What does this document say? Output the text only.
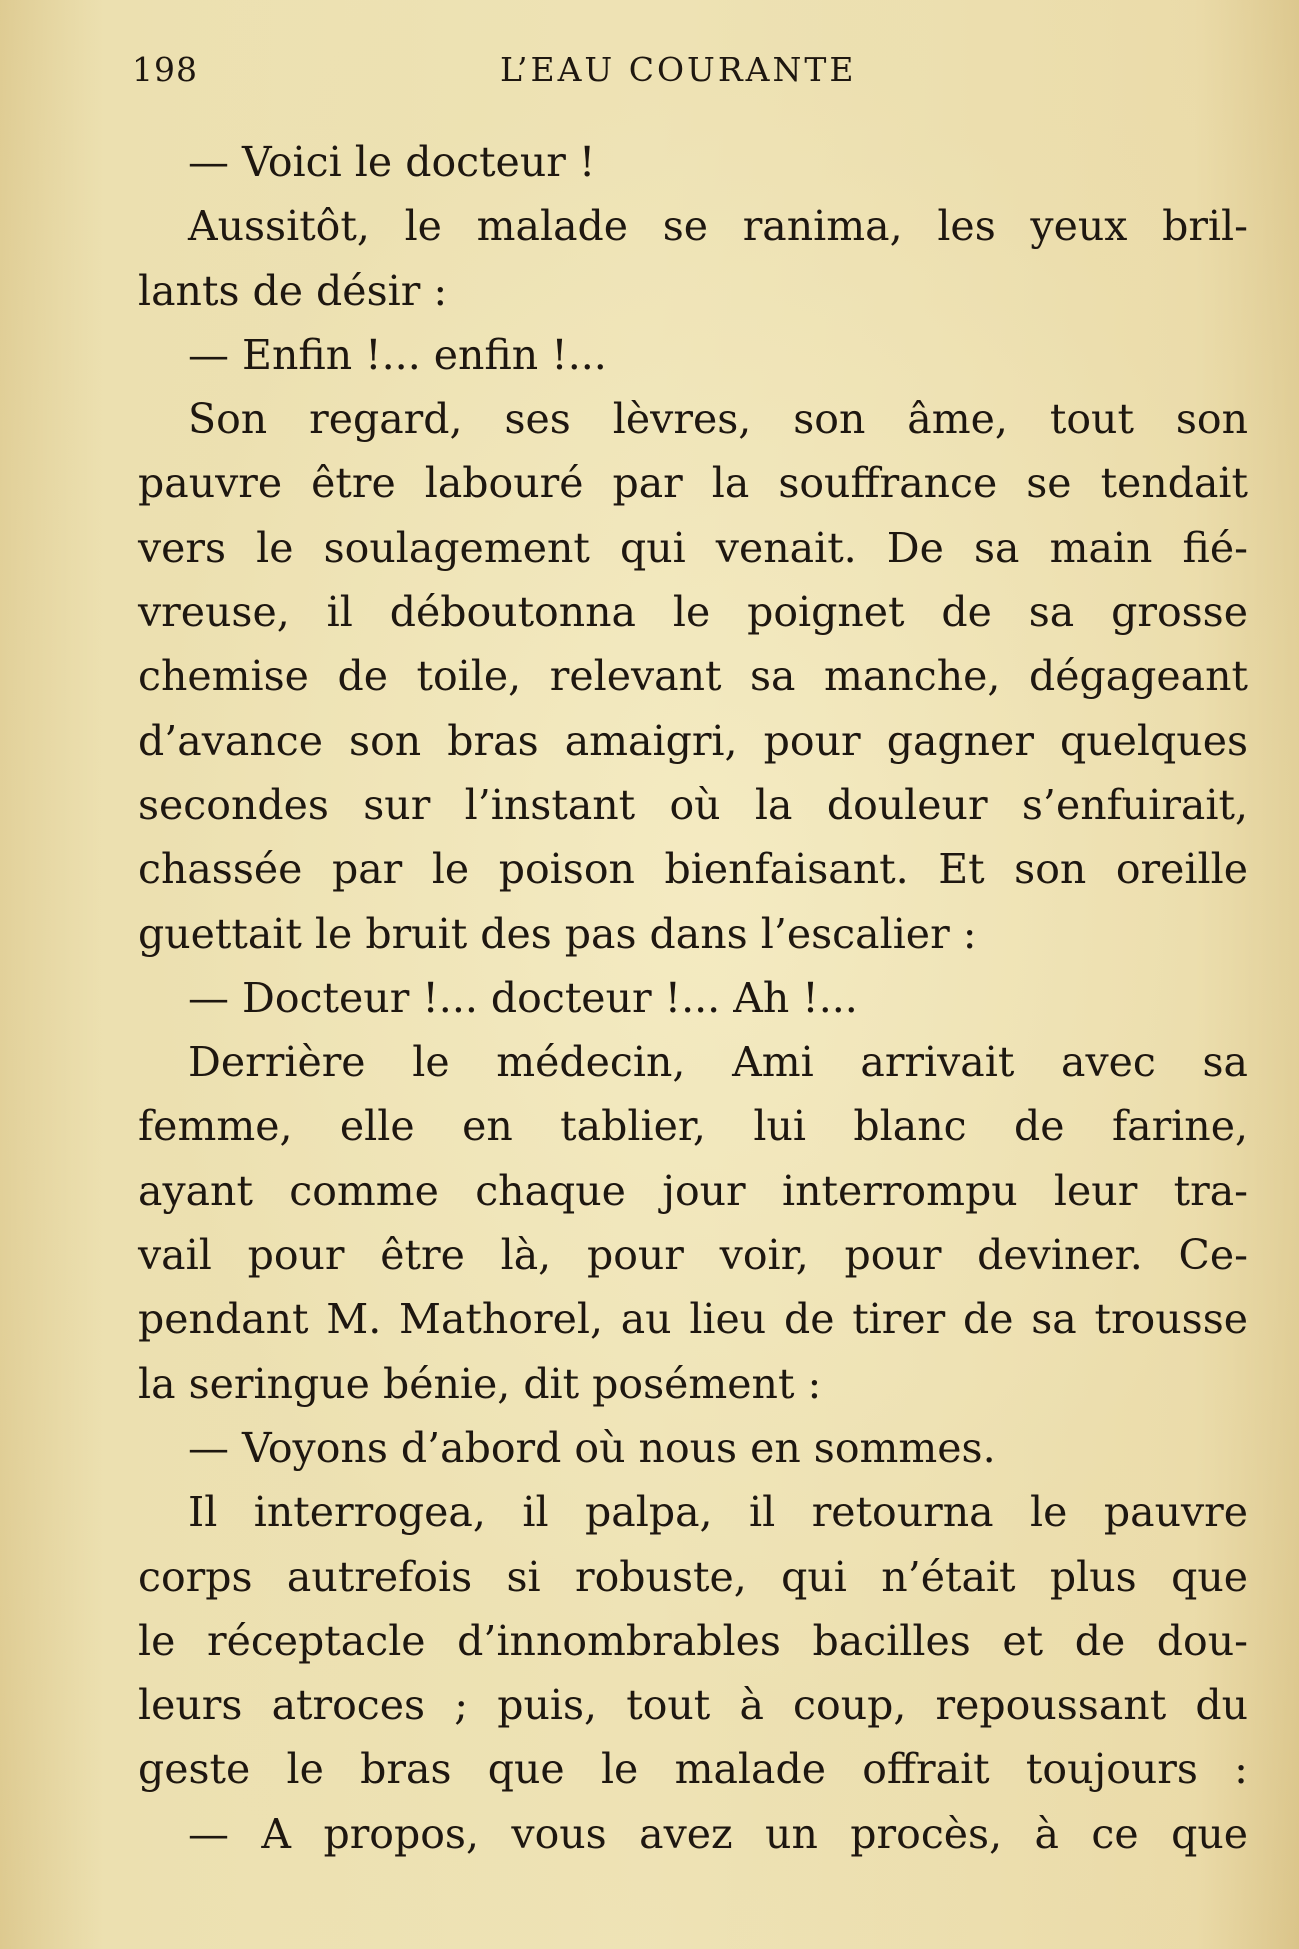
198	L’EAU COURANTE
— Voici le docteur !
Aussitôt, le malade se ranima, les yeux bril-
lants de désir :
— Enfin !... enfin !...
Son regard, ses lèvres, son âme, tout son
pauvre être labouré par la souffrance se tendait
vers le soulagement qui venait. De sa main fié-
vreuse, il déboutonna le poignet de sa grosse
chemise de toile, relevant sa manche, dégageant
d’avance son bras amaigri, pour gagner quelques
secondes sur l’instant où la douleur s’enfuirait,
chassée par le poison bienfaisant. Et son oreille
guettait le bruit des pas dans l’escalier :
— Docteur !... docteur !... Ah !...
Derrière le médecin, Ami arrivait avec sa
femme, elle en tablier, lui blanc de farine,
ayant comme chaque jour interrompu leur tra-
vail pour être là, pour voir, pour deviner. Ce-
pendant M. Mathorel, au lieu de tirer de sa trousse
la seringue bénie, dit posément :
— Voyons d’abord où nous en sommes.
Il interrogea, il palpa, il retourna le pauvre
corps autrefois si robuste, qui n’était plus que
le réceptacle d’innombrables bacilles et de dou-
leurs atroces ; puis, tout à coup, repoussant du
geste le bras que le malade offrait toujours :
— A propos, vous avez un procès, à ce que
